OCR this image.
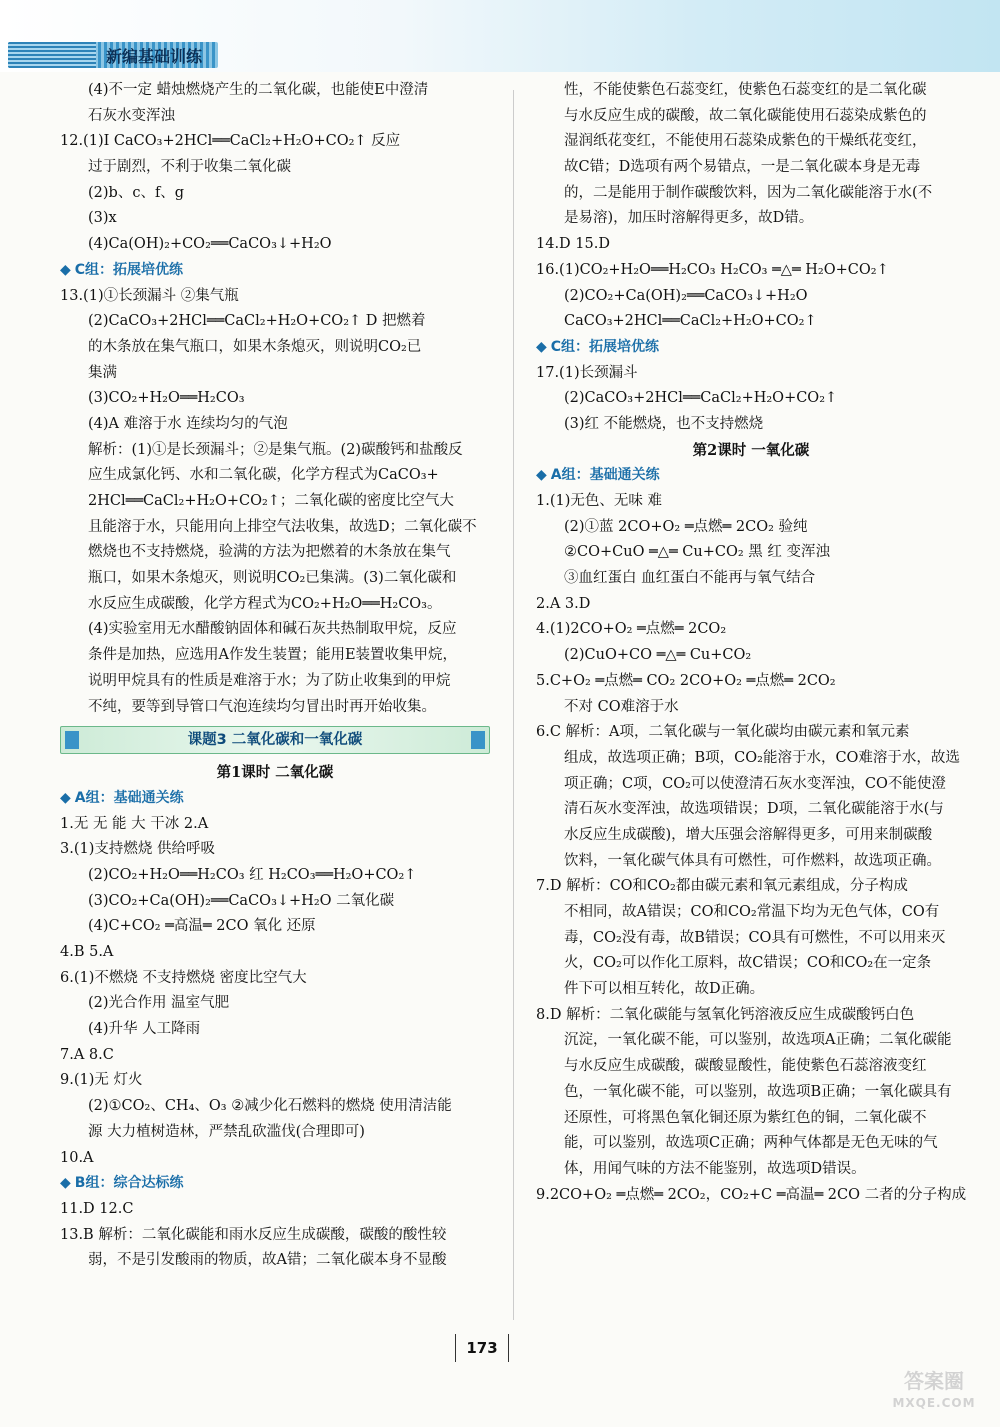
新编基础训练
(4)不一定 蜡烛燃烧产生的二氧化碳，也能使E中澄清
石灰水变浑浊
12.(1)Ⅰ CaCO₃+2HCl══CaCl₂+H₂O+CO₂↑ 反应
过于剧烈，不利于收集二氧化碳
(2)b、c、f、g
(3)x
(4)Ca(OH)₂+CO₂══CaCO₃↓+H₂O
◆ C组：拓展培优练
13.(1)①长颈漏斗 ②集气瓶
(2)CaCO₃+2HCl══CaCl₂+H₂O+CO₂↑ D 把燃着
的木条放在集气瓶口，如果木条熄灭，则说明CO₂已
集满
(3)CO₂+H₂O══H₂CO₃
(4)A 难溶于水 连续均匀的气泡
解析：(1)①是长颈漏斗；②是集气瓶。(2)碳酸钙和盐酸反
应生成氯化钙、水和二氧化碳，化学方程式为CaCO₃+
2HCl══CaCl₂+H₂O+CO₂↑；二氧化碳的密度比空气大
且能溶于水，只能用向上排空气法收集，故选D；二氧化碳不
燃烧也不支持燃烧，验满的方法为把燃着的木条放在集气
瓶口，如果木条熄灭，则说明CO₂已集满。(3)二氧化碳和
水反应生成碳酸，化学方程式为CO₂+H₂O══H₂CO₃。
(4)实验室用无水醋酸钠固体和碱石灰共热制取甲烷，反应
条件是加热，应选用A作发生装置；能用E装置收集甲烷，
说明甲烷具有的性质是难溶于水；为了防止收集到的甲烷
不纯，要等到导管口气泡连续均匀冒出时再开始收集。
课题3 二氧化碳和一氧化碳
第1课时 二氧化碳
◆ A组：基础通关练
1.无 无 能 大 干冰 2.A
3.(1)支持燃烧 供给呼吸
(2)CO₂+H₂O══H₂CO₃ 红 H₂CO₃══H₂O+CO₂↑
(3)CO₂+Ca(OH)₂══CaCO₃↓+H₂O 二氧化碳
(4)C+CO₂ ═高温═ 2CO 氧化 还原
4.B 5.A
6.(1)不燃烧 不支持燃烧 密度比空气大
(2)光合作用 温室气肥
(4)升华 人工降雨
7.A 8.C
9.(1)无 灯火
(2)①CO₂、CH₄、O₃ ②减少化石燃料的燃烧 使用清洁能
源 大力植树造林，严禁乱砍滥伐(合理即可)
10.A
◆ B组：综合达标练
11.D 12.C
13.B 解析：二氧化碳能和雨水反应生成碳酸，碳酸的酸性较
弱，不是引发酸雨的物质，故A错；二氧化碳本身不显酸
性，不能使紫色石蕊变红，使紫色石蕊变红的是二氧化碳
与水反应生成的碳酸，故二氧化碳能使用石蕊染成紫色的
湿润纸花变红，不能使用石蕊染成紫色的干燥纸花变红，
故C错；D选项有两个易错点，一是二氧化碳本身是无毒
的，二是能用于制作碳酸饮料，因为二氧化碳能溶于水(不
是易溶)，加压时溶解得更多，故D错。
14.D 15.D
16.(1)CO₂+H₂O══H₂CO₃ H₂CO₃ ═△═ H₂O+CO₂↑
(2)CO₂+Ca(OH)₂══CaCO₃↓+H₂O
CaCO₃+2HCl══CaCl₂+H₂O+CO₂↑
◆ C组：拓展培优练
17.(1)长颈漏斗
(2)CaCO₃+2HCl══CaCl₂+H₂O+CO₂↑
(3)红 不能燃烧，也不支持燃烧
第2课时 一氧化碳
◆ A组：基础通关练
1.(1)无色、无味 难
(2)①蓝 2CO+O₂ ═点燃═ 2CO₂ 验纯
②CO+CuO ═△═ Cu+CO₂ 黑 红 变浑浊
③血红蛋白 血红蛋白不能再与氧气结合
2.A 3.D
4.(1)2CO+O₂ ═点燃═ 2CO₂
(2)CuO+CO ═△═ Cu+CO₂
5.C+O₂ ═点燃═ CO₂ 2CO+O₂ ═点燃═ 2CO₂
不对 CO难溶于水
6.C 解析：A项，二氧化碳与一氧化碳均由碳元素和氧元素
组成，故选项正确；B项，CO₂能溶于水，CO难溶于水，故选
项正确；C项，CO₂可以使澄清石灰水变浑浊，CO不能使澄
清石灰水变浑浊，故选项错误；D项，二氧化碳能溶于水(与
水反应生成碳酸)，增大压强会溶解得更多，可用来制碳酸
饮料，一氧化碳气体具有可燃性，可作燃料，故选项正确。
7.D 解析：CO和CO₂都由碳元素和氧元素组成，分子构成
不相同，故A错误；CO和CO₂常温下均为无色气体，CO有
毒，CO₂没有毒，故B错误；CO具有可燃性，不可以用来灭
火，CO₂可以作化工原料，故C错误；CO和CO₂在一定条
件下可以相互转化，故D正确。
8.D 解析：二氧化碳能与氢氧化钙溶液反应生成碳酸钙白色
沉淀，一氧化碳不能，可以鉴别，故选项A正确；二氧化碳能
与水反应生成碳酸，碳酸显酸性，能使紫色石蕊溶液变红
色，一氧化碳不能，可以鉴别，故选项B正确；一氧化碳具有
还原性，可将黑色氧化铜还原为紫红色的铜，二氧化碳不
能，可以鉴别，故选项C正确；两种气体都是无色无味的气
体，用闻气味的方法不能鉴别，故选项D错误。
9.2CO+O₂ ═点燃═ 2CO₂，CO₂+C ═高温═ 2CO 二者的分子构成
173
答案圈
MXQE.COM
